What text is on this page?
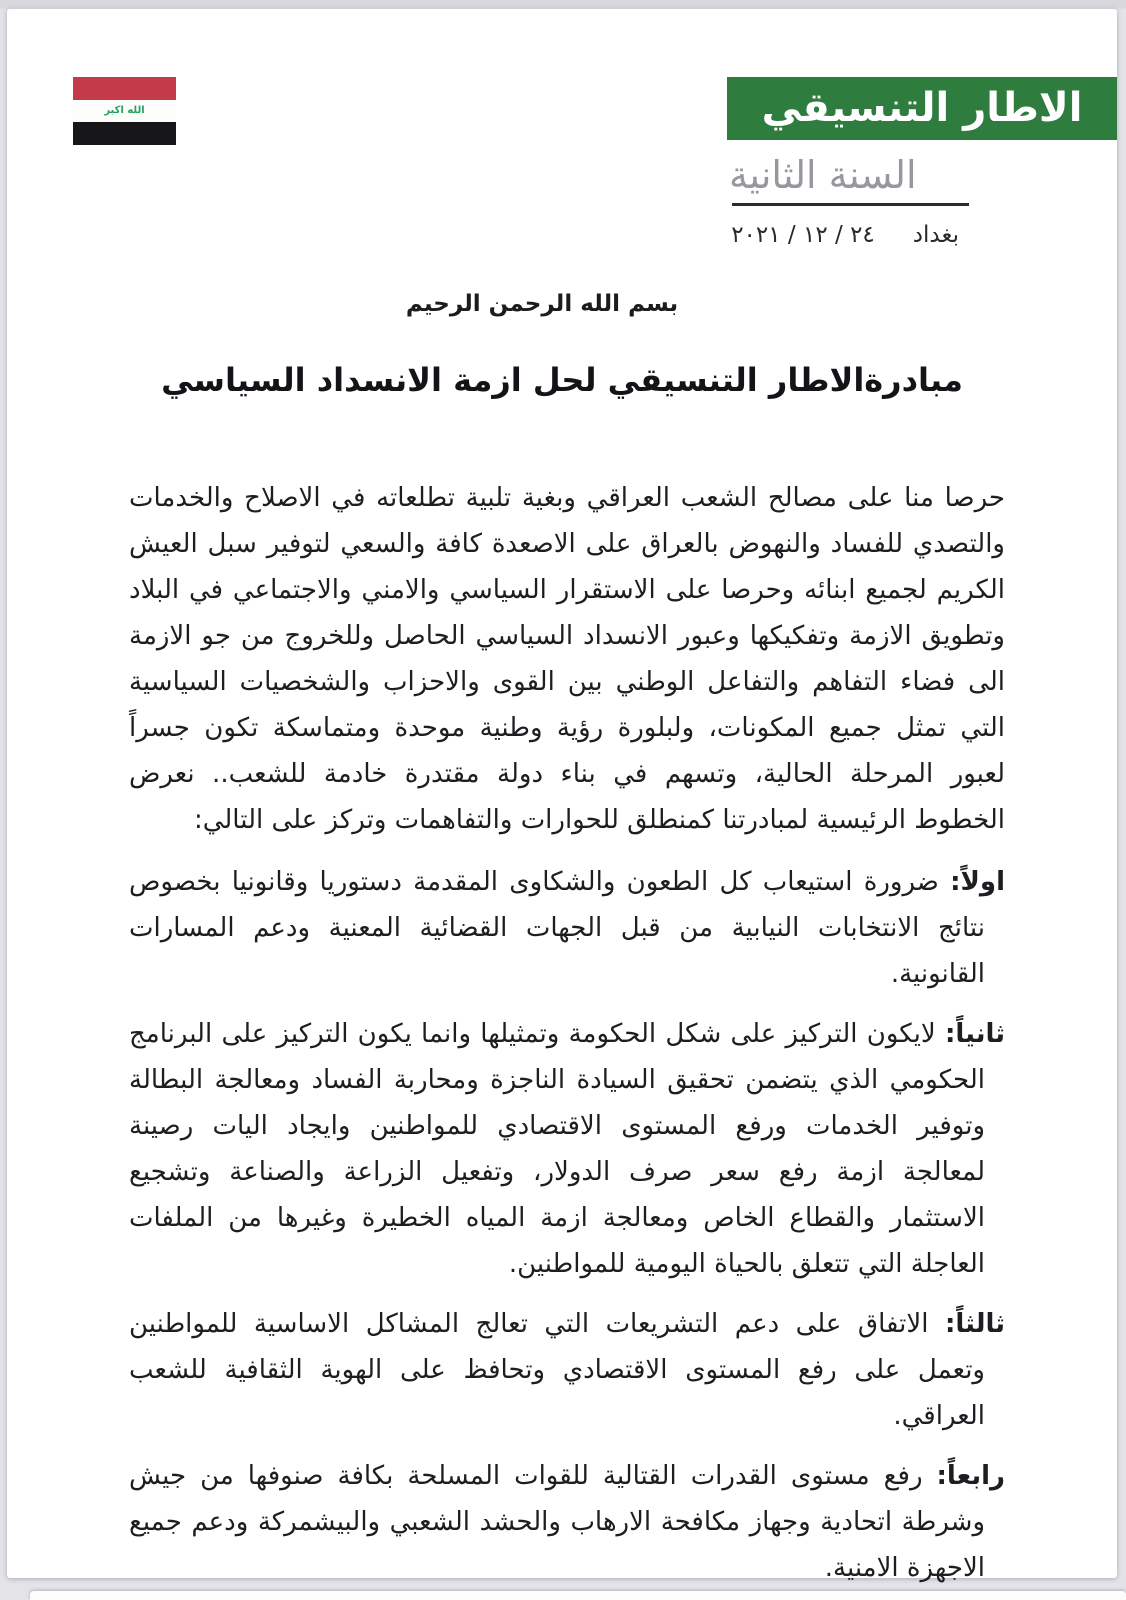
الله اكبر	الاطار التنسيقي
السنة الثانية
بغداد
٢٤ / ١٢ / ٢٠٢١
بسم الله الرحمن الرحيم
مبادرةالاطار التنسيقي لحل ازمة الانسداد السياسي

حرصا منا على مصالح الشعب العراقي وبغية تلبية تطلعاته في الاصلاح والخدمات والتصدي للفساد والنهوض بالعراق على الاصعدة كافة والسعي لتوفير سبل العيش الكريم لجميع ابنائه وحرصا على الاستقرار السياسي والامني والاجتماعي في البلاد وتطويق الازمة وتفكيكها وعبور الانسداد السياسي الحاصل وللخروج من جو الازمة الى فضاء التفاهم والتفاعل الوطني بين القوى والاحزاب والشخصيات السياسية التي تمثل جميع المكونات، ولبلورة رؤية وطنية موحدة ومتماسكة تكون جسراً لعبور المرحلة الحالية، وتسهم في بناء دولة مقتدرة خادمة للشعب.. نعرض الخطوط الرئيسية لمبادرتنا كمنطلق للحوارات والتفاهمات وتركز على التالي:

اولاً: ضرورة استيعاب كل الطعون والشكاوى المقدمة دستوريا وقانونيا بخصوص نتائج الانتخابات النيابية من قبل الجهات القضائية المعنية ودعم المسارات القانونية.

ثانياً: لايكون التركيز على شكل الحكومة وتمثيلها وانما يكون التركيز على البرنامج الحكومي الذي يتضمن تحقيق السيادة الناجزة ومحاربة الفساد ومعالجة البطالة وتوفير الخدمات ورفع المستوى الاقتصادي للمواطنين وايجاد اليات رصينة لمعالجة ازمة رفع سعر صرف الدولار، وتفعيل الزراعة والصناعة وتشجيع الاستثمار والقطاع الخاص ومعالجة ازمة المياه الخطيرة وغيرها من الملفات العاجلة التي تتعلق بالحياة اليومية للمواطنين.

ثالثاً: الاتفاق على دعم التشريعات التي تعالج المشاكل الاساسية للمواطنين وتعمل على رفع المستوى الاقتصادي وتحافظ على الهوية الثقافية للشعب العراقي.

رابعاً: رفع مستوى القدرات القتالية للقوات المسلحة بكافة صنوفها من جيش وشرطة اتحادية وجهاز مكافحة الارهاب والحشد الشعبي والبيشمركة ودعم جميع الاجهزة الامنية.
